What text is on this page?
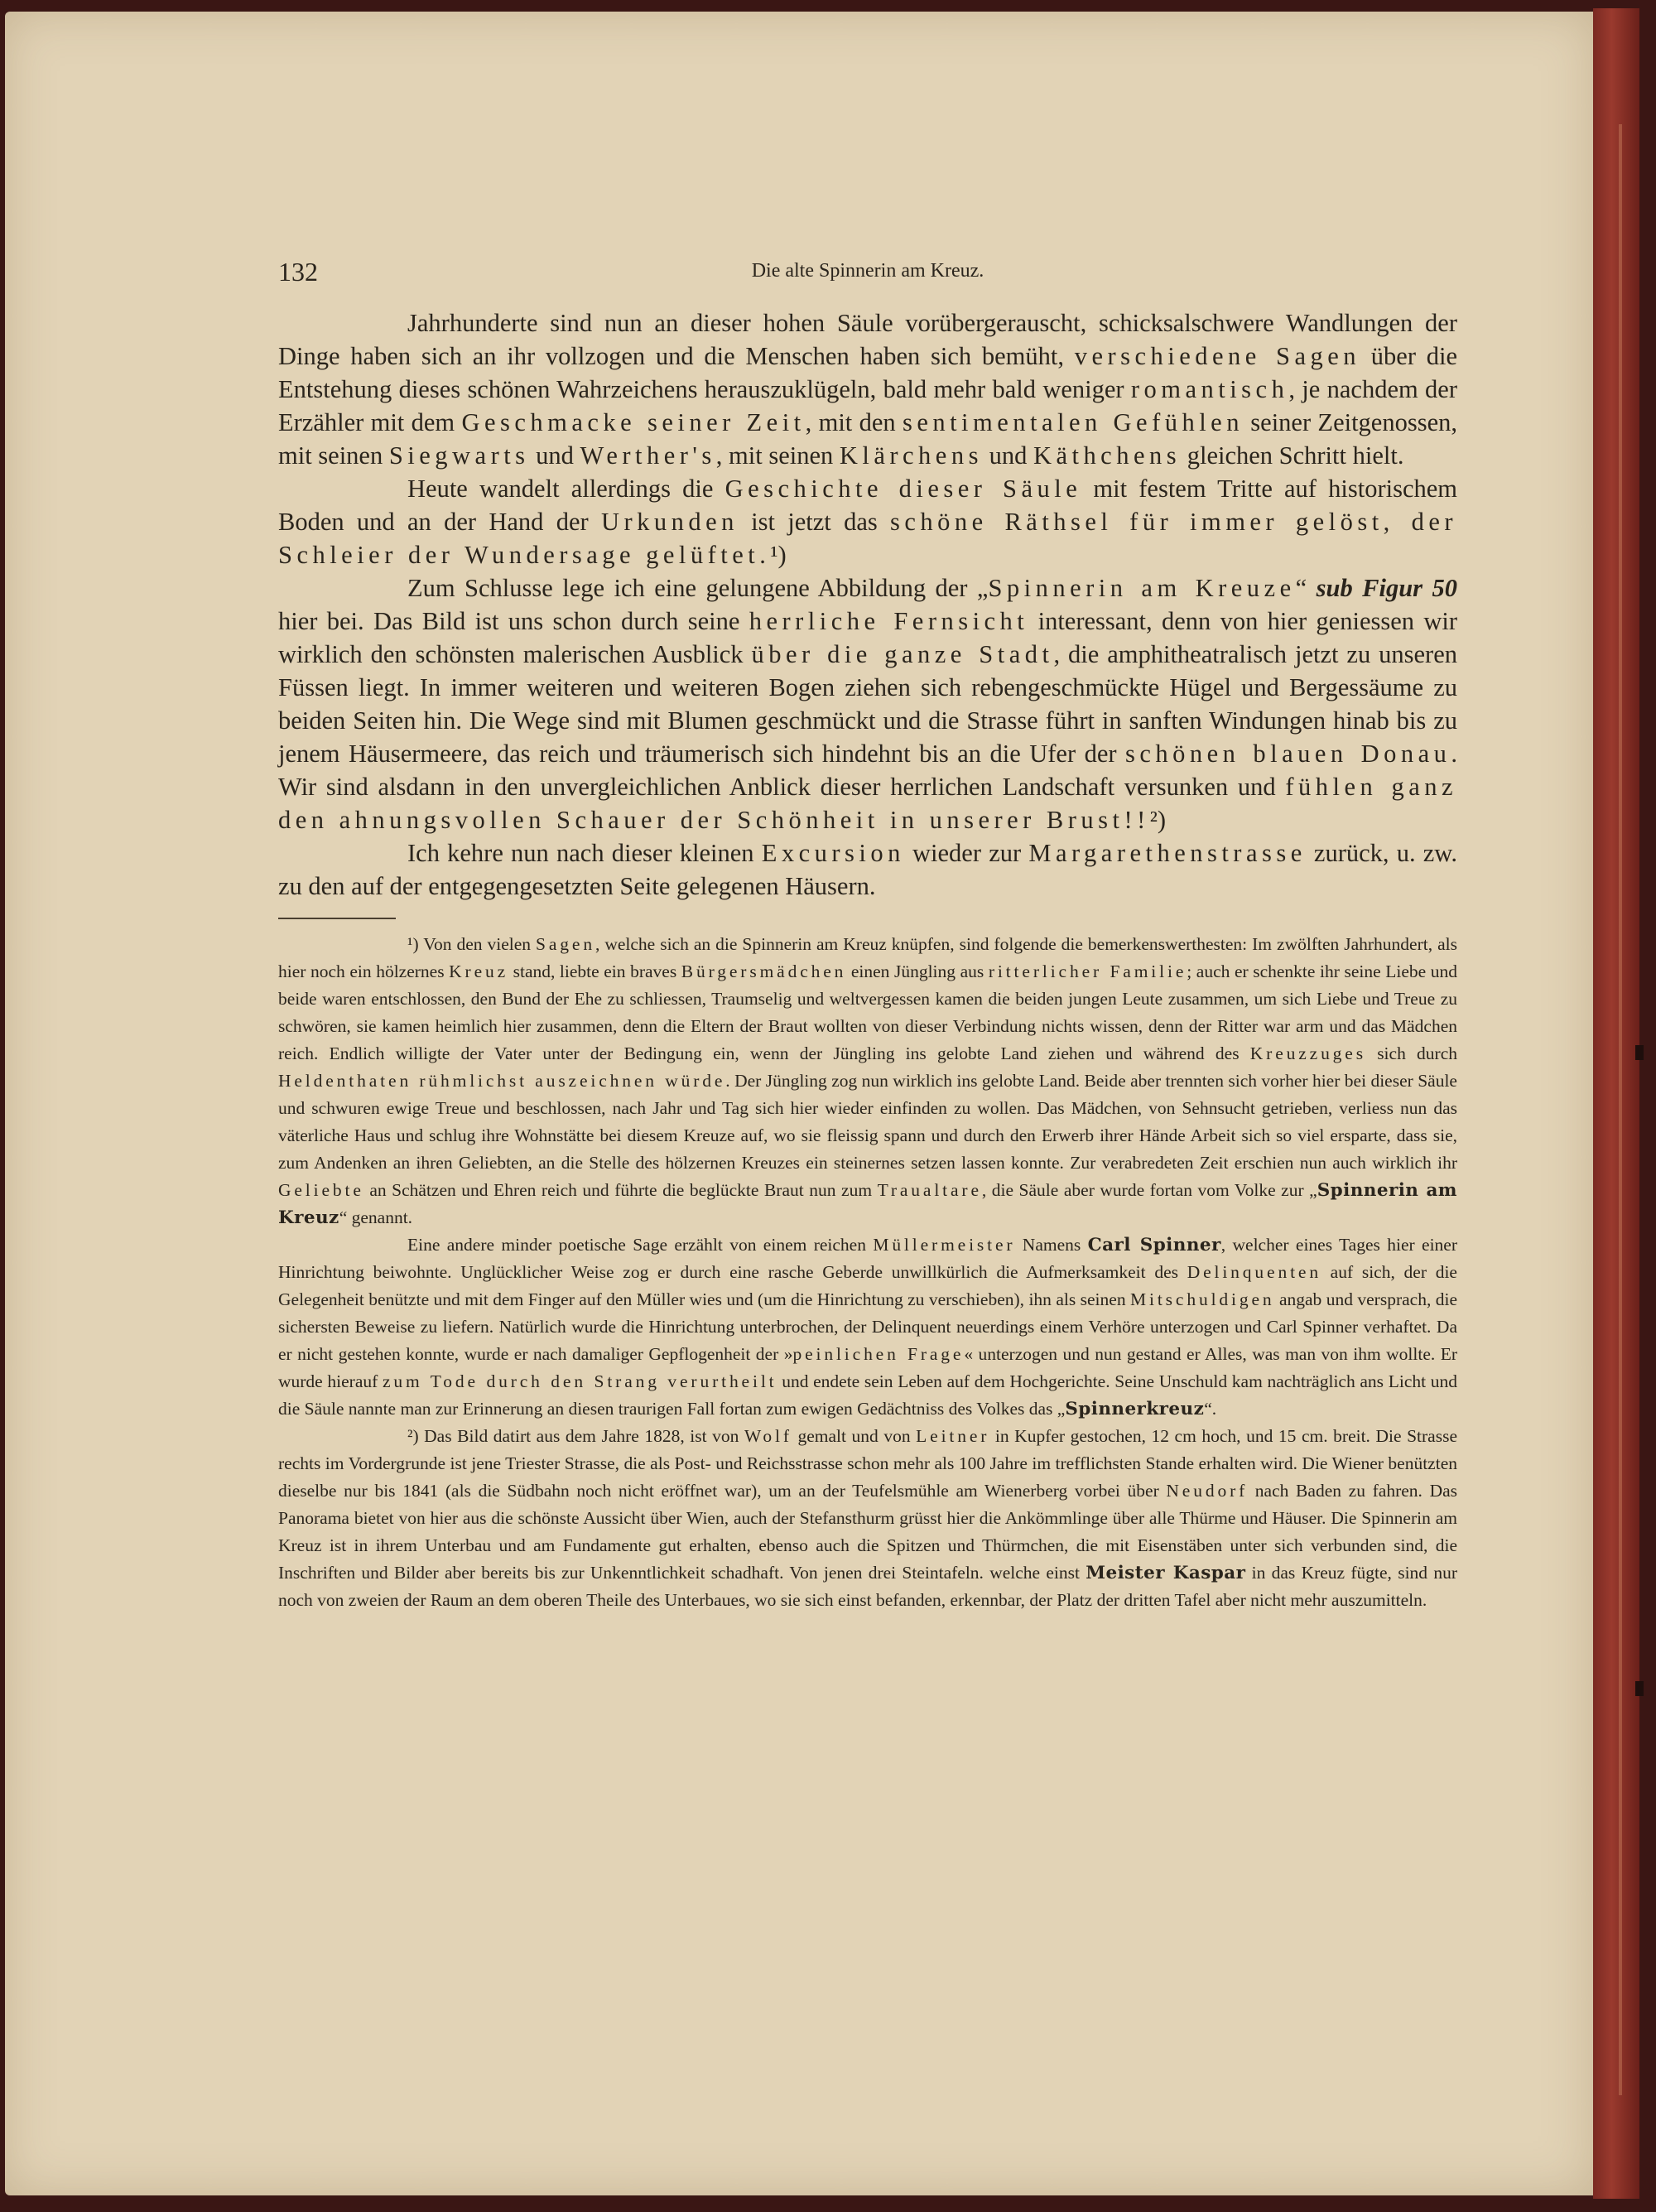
132	Die alte Spinnerin am Kreuz.

Jahrhunderte sind nun an dieser hohen Säule vorübergerauscht, schicksalschwere Wandlungen der Dinge haben sich an ihr vollzogen und die Menschen haben sich bemüht, verschiedene Sagen über die Entstehung dieses schönen Wahrzeichens herauszuklügeln, bald mehr bald weniger romantisch, je nachdem der Erzähler mit dem Geschmacke seiner Zeit, mit den sentimentalen Gefühlen seiner Zeitgenossen, mit seinen Siegwarts und Werther's, mit seinen Klärchens und Käthchens gleichen Schritt hielt.

Heute wandelt allerdings die Geschichte dieser Säule mit festem Tritte auf historischem Boden und an der Hand der Urkunden ist jetzt das schöne Räthsel für immer gelöst, der Schleier der Wundersage gelüftet.¹)

Zum Schlusse lege ich eine gelungene Abbildung der „Spinnerin am Kreuze“ sub Figur 50 hier bei. Das Bild ist uns schon durch seine herrliche Fernsicht interessant, denn von hier geniessen wir wirklich den schönsten malerischen Ausblick über die ganze Stadt, die amphitheatralisch jetzt zu unseren Füssen liegt. In immer weiteren und weiteren Bogen ziehen sich rebengeschmückte Hügel und Bergessäume zu beiden Seiten hin. Die Wege sind mit Blumen geschmückt und die Strasse führt in sanften Windungen hinab bis zu jenem Häusermeere, das reich und träumerisch sich hindehnt bis an die Ufer der schönen blauen Donau. Wir sind alsdann in den unvergleichlichen Anblick dieser herrlichen Landschaft versunken und fühlen ganz den ahnungsvollen Schauer der Schönheit in unserer Brust!!²)

Ich kehre nun nach dieser kleinen Excursion wieder zur Margarethenstrasse zurück, u. zw. zu den auf der entgegengesetzten Seite gelegenen Häusern.

¹) Von den vielen Sagen, welche sich an die Spinnerin am Kreuz knüpfen, sind folgende die bemerkenswerthesten: Im zwölften Jahrhundert, als hier noch ein hölzernes Kreuz stand, liebte ein braves Bürgersmädchen einen Jüngling aus ritterlicher Familie; auch er schenkte ihr seine Liebe und beide waren entschlossen, den Bund der Ehe zu schliessen, Traumselig und weltvergessen kamen die beiden jungen Leute zusammen, um sich Liebe und Treue zu schwören, sie kamen heimlich hier zusammen, denn die Eltern der Braut wollten von dieser Verbindung nichts wissen, denn der Ritter war arm und das Mädchen reich. Endlich willigte der Vater unter der Bedingung ein, wenn der Jüngling ins gelobte Land ziehen und während des Kreuzzuges sich durch Heldenthaten rühmlichst auszeichnen würde. Der Jüngling zog nun wirklich ins gelobte Land. Beide aber trennten sich vorher hier bei dieser Säule und schwuren ewige Treue und beschlossen, nach Jahr und Tag sich hier wieder einfinden zu wollen. Das Mädchen, von Sehnsucht getrieben, verliess nun das väterliche Haus und schlug ihre Wohnstätte bei diesem Kreuze auf, wo sie fleissig spann und durch den Erwerb ihrer Hände Arbeit sich so viel ersparte, dass sie, zum Andenken an ihren Geliebten, an die Stelle des hölzernen Kreuzes ein steinernes setzen lassen konnte. Zur verabredeten Zeit erschien nun auch wirklich ihr Geliebte an Schätzen und Ehren reich und führte die beglückte Braut nun zum Traualtare, die Säule aber wurde fortan vom Volke zur „Spinnerin am Kreuz“ genannt.

Eine andere minder poetische Sage erzählt von einem reichen Müllermeister Namens Carl Spinner, welcher eines Tages hier einer Hinrichtung beiwohnte. Unglücklicher Weise zog er durch eine rasche Geberde unwillkürlich die Aufmerksamkeit des Delinquenten auf sich, der die Gelegenheit benützte und mit dem Finger auf den Müller wies und (um die Hinrichtung zu verschieben), ihn als seinen Mitschuldigen angab und versprach, die sichersten Beweise zu liefern. Natürlich wurde die Hinrichtung unterbrochen, der Delinquent neuerdings einem Verhöre unterzogen und Carl Spinner verhaftet. Da er nicht gestehen konnte, wurde er nach damaliger Gepflogenheit der »peinlichen Frage« unterzogen und nun gestand er Alles, was man von ihm wollte. Er wurde hierauf zum Tode durch den Strang verurtheilt und endete sein Leben auf dem Hochgerichte. Seine Unschuld kam nachträglich ans Licht und die Säule nannte man zur Erinnerung an diesen traurigen Fall fortan zum ewigen Gedächtniss des Volkes das „Spinnerkreuz“.

²) Das Bild datirt aus dem Jahre 1828, ist von Wolf gemalt und von Leitner in Kupfer gestochen, 12 cm hoch, und 15 cm. breit. Die Strasse rechts im Vordergrunde ist jene Triester Strasse, die als Post- und Reichsstrasse schon mehr als 100 Jahre im trefflichsten Stande erhalten wird. Die Wiener benützten dieselbe nur bis 1841 (als die Südbahn noch nicht eröffnet war), um an der Teufelsmühle am Wienerberg vorbei über Neudorf nach Baden zu fahren. Das Panorama bietet von hier aus die schönste Aussicht über Wien, auch der Stefansthurm grüsst hier die Ankömmlinge über alle Thürme und Häuser. Die Spinnerin am Kreuz ist in ihrem Unterbau und am Fundamente gut erhalten, ebenso auch die Spitzen und Thürmchen, die mit Eisenstäben unter sich verbunden sind, die Inschriften und Bilder aber bereits bis zur Unkenntlichkeit schadhaft. Von jenen drei Steintafeln. welche einst Meister Kaspar in das Kreuz fügte, sind nur noch von zweien der Raum an dem oberen Theile des Unterbaues, wo sie sich einst befanden, erkennbar, der Platz der dritten Tafel aber nicht mehr auszumitteln.
